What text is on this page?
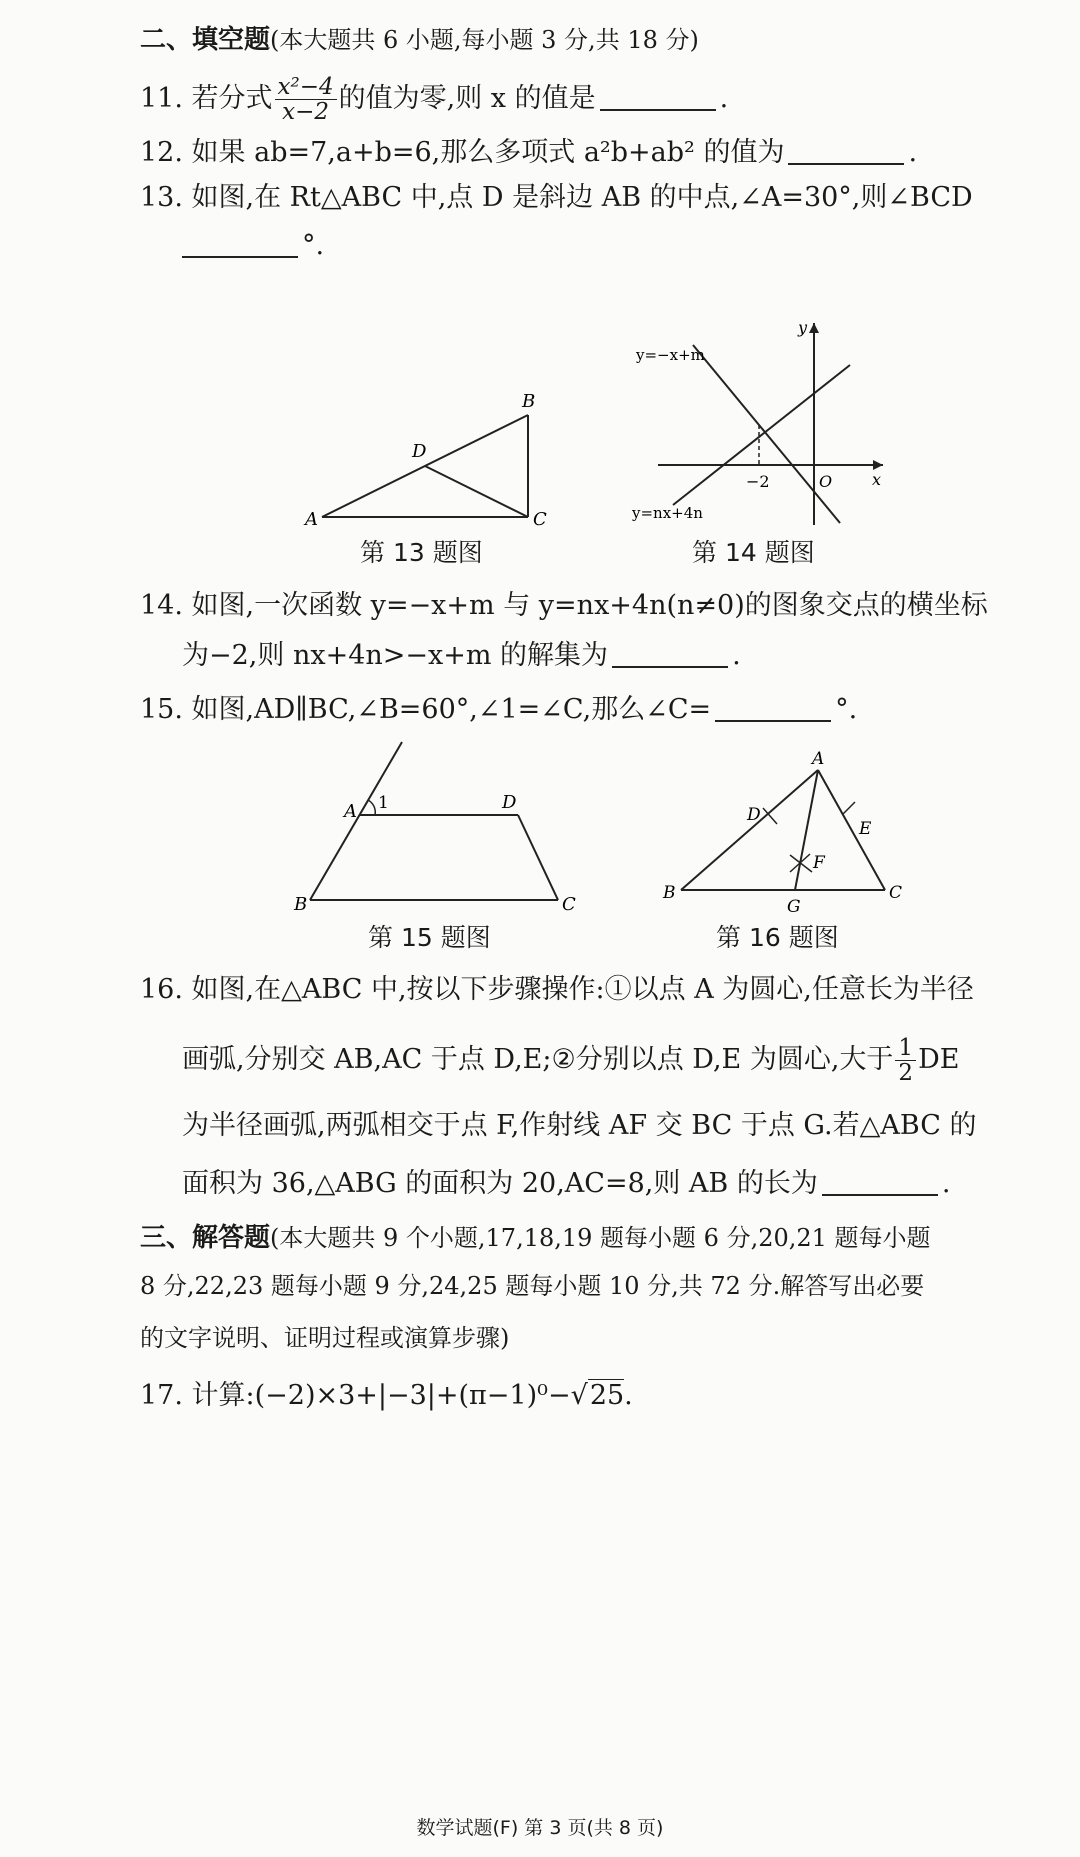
二、填空题(本大题共 6 小题,每小题 3 分,共 18 分)
11. 若分式 $\frac{\text{x²−4}}{x-2}$ 的值为零,则 x 的值是	.
12. 如果 ab=7,a+b=6,那么多项式 a²b+ab² 的值为	.
13. 如图,在 Rt△ABC 中,点 D 是斜边 AB 的中点,∠A=30°,则∠BCD
°.
A
B
C
D
第 13 题图
y=−x+m
y=nx+4n
−2	O x
y
第 14 题图
14. 如图,一次函数 y=−x+m 与 y=nx+4n(n≠0)的图象交点的横坐标
为−2,则 nx+4n>−x+m 的解集为	.
15. 如图,AD∥BC,∠B=60°,∠1=∠C,那么∠C=	°.
A 1
B	C
D
第 15 题图
A
B	C
D
E
F
G
第 16 题图
16. 如图,在△ABC 中,按以下步骤操作:①以点 A 为圆心,任意长为半径
画弧,分别交 AB,AC 于点 D,E;②分别以点 D,E 为圆心,大于 $\frac{1}{2}$ DE
为半径画弧,两弧相交于点 F,作射线 AF 交 BC 于点 G.若△ABC 的
面积为 36,△ABG 的面积为 20,AC=8,则 AB 的长为	.
三、解答题(本大题共 9 个小题,17,18,19 题每小题 6 分,20,21 题每小题
8 分,22,23 题每小题 9 分,24,25 题每小题 10 分,共 72 分.解答写出必要
的文字说明、证明过程或演算步骤)
17. 计算:(−2)×3+|−3|+(π−1)⁰−√25.
数学试题(F) 第 3 页(共 8 页)
